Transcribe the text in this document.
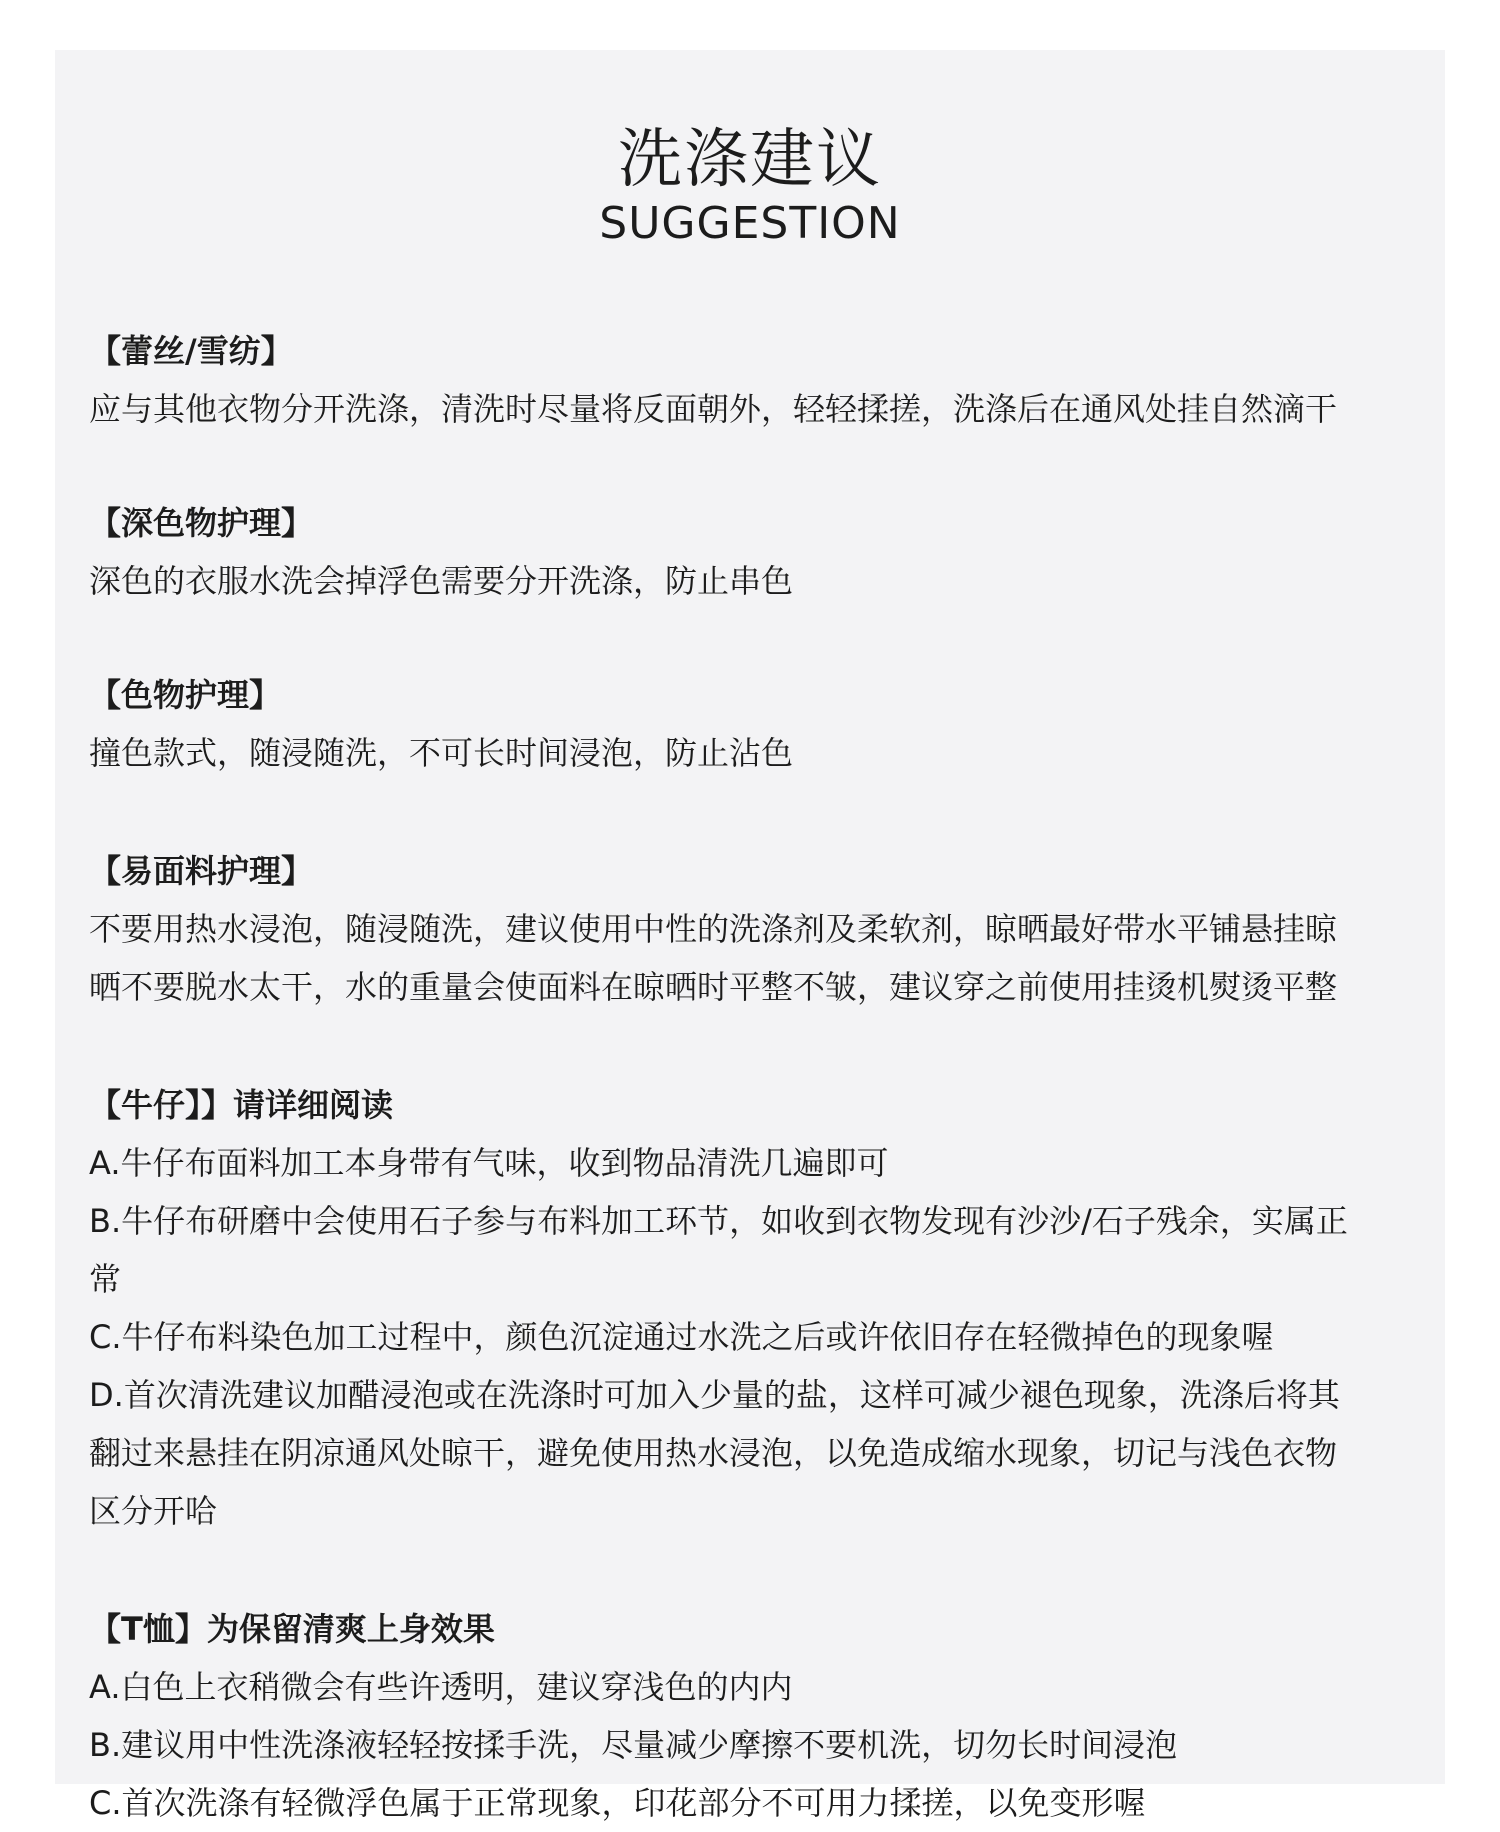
洗涤建议
SUGGESTION

【蕾丝/雪纺】

应与其他衣物分开洗涤，清洗时尽量将反面朝外，轻轻揉搓，洗涤后在通风处挂自然滴干

【深色物护理】

深色的衣服水洗会掉浮色需要分开洗涤，防止串色

【色物护理】

撞色款式，随浸随洗，不可长时间浸泡，防止沾色

【易面料护理】

不要用热水浸泡，随浸随洗，建议使用中性的洗涤剂及柔软剂，晾晒最好带水平铺悬挂晾

晒不要脱水太干，水的重量会使面料在晾晒时平整不皱，建议穿之前使用挂烫机熨烫平整

【牛仔】】请详细阅读

A.牛仔布面料加工本身带有气味，收到物品清洗几遍即可

B.牛仔布研磨中会使用石子参与布料加工环节，如收到衣物发现有沙沙/石子残余，实属正

常

C.牛仔布料染色加工过程中，颜色沉淀通过水洗之后或许依旧存在轻微掉色的现象喔

D.首次清洗建议加醋浸泡或在洗涤时可加入少量的盐，这样可减少褪色现象，洗涤后将其

翻过来悬挂在阴凉通风处晾干，避免使用热水浸泡，以免造成缩水现象，切记与浅色衣物

区分开哈

【T恤】为保留清爽上身效果

A.白色上衣稍微会有些许透明，建议穿浅色的内内

B.建议用中性洗涤液轻轻按揉手洗，尽量减少摩擦不要机洗，切勿长时间浸泡

C.首次洗涤有轻微浮色属于正常现象，印花部分不可用力揉搓，以免变形喔
